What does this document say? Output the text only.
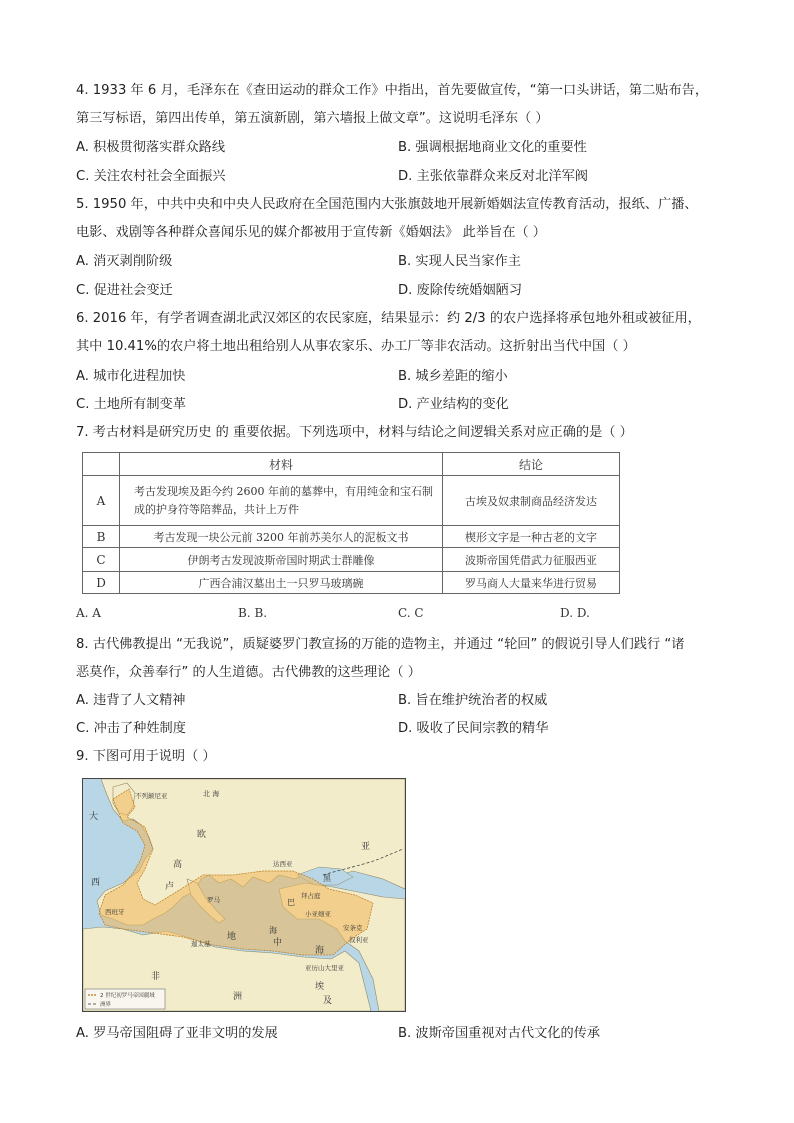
4. 1933 年 6 月，毛泽东在《查田运动的群众工作》中指出，首先要做宣传，“第一口头讲话，第二贴布告，
第三写标语，第四出传单，第五演新剧，第六墙报上做文章”。这说明毛泽东（ ）
A. 积极贯彻落实群众路线	B. 强调根据地商业文化的重要性
C. 关注农村社会全面振兴	D. 主张依靠群众来反对北洋军阀
5. 1950 年，中共中央和中央人民政府在全国范围内大张旗鼓地开展新婚姻法宣传教育活动，报纸、广播、
电影、戏剧等各种群众喜闻乐见的媒介都被用于宣传新《婚姻法》 此举旨在（ ）
A. 消灭剥削阶级	B. 实现人民当家作主
C. 促进社会变迁	D. 废除传统婚姻陋习
6. 2016 年，有学者调查湖北武汉郊区的农民家庭，结果显示：约 2/3 的农户选择将承包地外租或被征用，
其中 10.41%的农户将土地出租给别人从事农家乐、办工厂等非农活动。这折射出当代中国（ ）
A. 城市化进程加快	B. 城乡差距的缩小
C. 土地所有制变革	D. 产业结构的变化
7. 考古材料是研究历史 的 重要依据。下列选项中，材料与结论之间逻辑关系对应正确的是（ ）
	材料	结论
A	考古发现埃及距今约 2600 年前的墓葬中，有用纯金和宝石制
成的护身符等陪葬品，共计上万件	古埃及奴隶制商品经济发达
B	考古发现一块公元前 3200 年前苏美尔人的泥板文书	楔形文字是一种古老的文字
C	伊朗考古发现波斯帝国时期武士群雕像	波斯帝国凭借武力征服西亚
D	广西合浦汉墓出土一只罗马玻璃碗	罗马商人大量来华进行贸易
A. A	B. B.	C. C	D. D.
8. 古代佛教提出 “无我说”，质疑婆罗门教宣扬的万能的造物主，并通过 “轮回” 的假说引导人们践行 “诸
恶莫作，众善奉行” 的人生道德。古代佛教的这些理论（ ）
A. 违背了人文精神	B. 旨在维护统治者的权威
C. 冲击了种姓制度	D. 吸收了民间宗教的精华
9. 下图可用于说明（ ）
不列颠尼亚	北 海
大
欧
高
卢
罗马
西
西班牙
巴
亚
海
黑
达西亚
拜占庭
小亚细亚
安条克
叙利亚
亚历山大里亚
地
中
海
非
洲
迦太基
埃
及
2 世纪初罗马帝国疆域
洲界
A. 罗马帝国阻碍了亚非文明的发展	B. 波斯帝国重视对古代文化的传承
